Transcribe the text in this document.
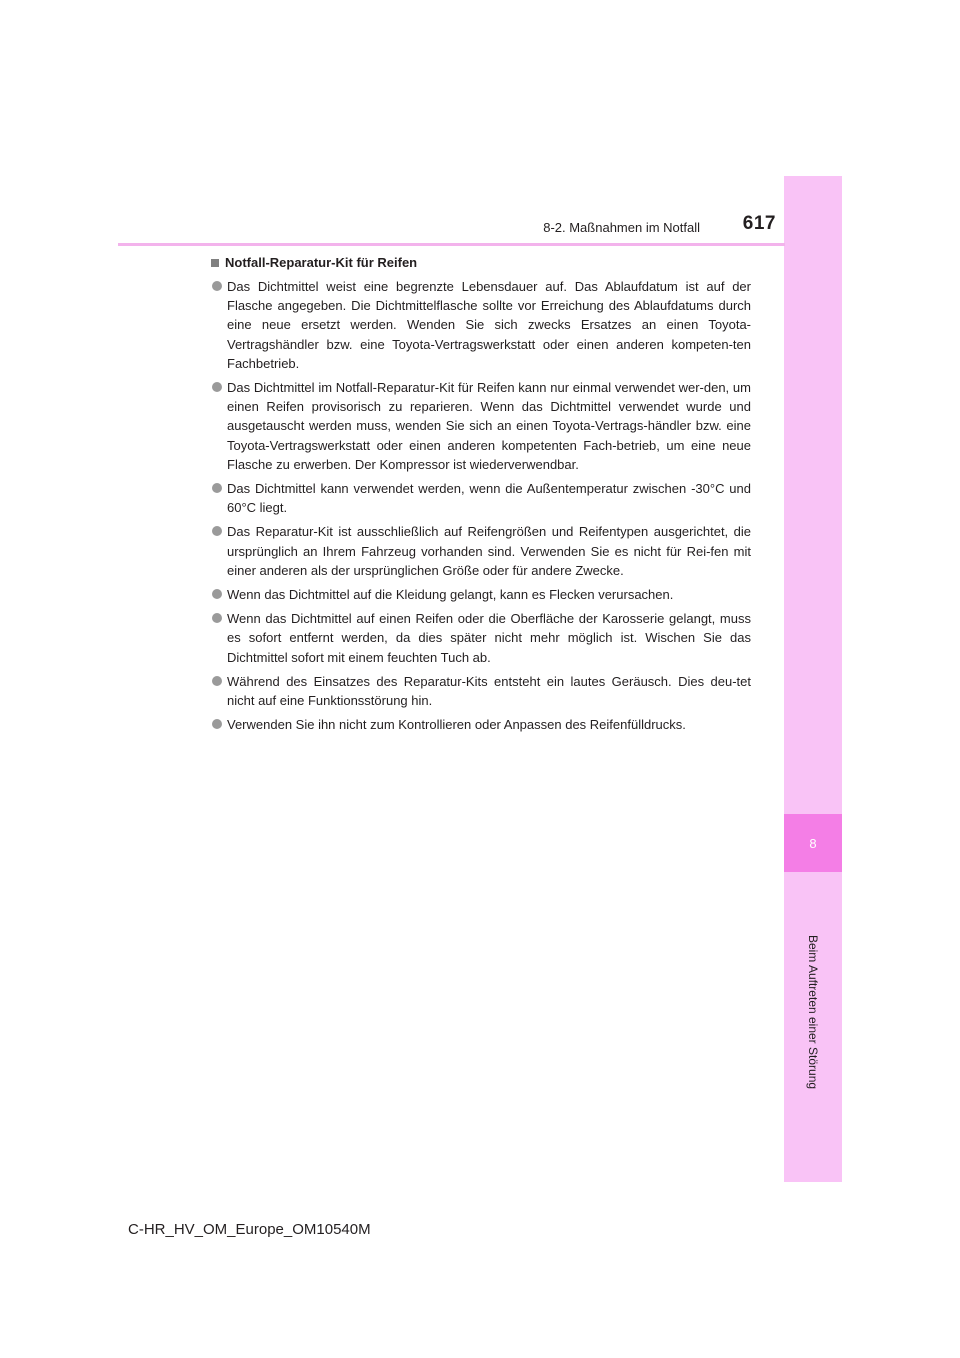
8
Beim Auftreten einer Störung
617
8-2. Maßnahmen im Notfall
Notfall-Reparatur-Kit für Reifen
Das Dichtmittel weist eine begrenzte Lebensdauer auf. Das Ablaufdatum ist auf der Flasche angegeben. Die Dichtmittelflasche sollte vor Erreichung des Ablaufdatums durch eine neue ersetzt werden. Wenden Sie sich zwecks Ersatzes an einen Toyota-Vertragshändler bzw. eine Toyota-Vertragswerkstatt oder einen anderen kompeten-ten Fachbetrieb.
Das Dichtmittel im Notfall-Reparatur-Kit für Reifen kann nur einmal verwendet wer-den, um einen Reifen provisorisch zu reparieren. Wenn das Dichtmittel verwendet wurde und ausgetauscht werden muss, wenden Sie sich an einen Toyota-Vertrags-händler bzw. eine Toyota-Vertragswerkstatt oder einen anderen kompetenten Fach-betrieb, um eine neue Flasche zu erwerben. Der Kompressor ist wiederverwendbar.
Das Dichtmittel kann verwendet werden, wenn die Außentemperatur zwischen -30°C und 60°C liegt.
Das Reparatur-Kit ist ausschließlich auf Reifengrößen und Reifentypen ausgerichtet, die ursprünglich an Ihrem Fahrzeug vorhanden sind. Verwenden Sie es nicht für Rei-fen mit einer anderen als der ursprünglichen Größe oder für andere Zwecke.
Wenn das Dichtmittel auf die Kleidung gelangt, kann es Flecken verursachen.
Wenn das Dichtmittel auf einen Reifen oder die Oberfläche der Karosserie gelangt, muss es sofort entfernt werden, da dies später nicht mehr möglich ist. Wischen Sie das Dichtmittel sofort mit einem feuchten Tuch ab.
Während des Einsatzes des Reparatur-Kits entsteht ein lautes Geräusch. Dies deu-tet nicht auf eine Funktionsstörung hin.
Verwenden Sie ihn nicht zum Kontrollieren oder Anpassen des Reifenfülldrucks.
C-HR_HV_OM_Europe_OM10540M
